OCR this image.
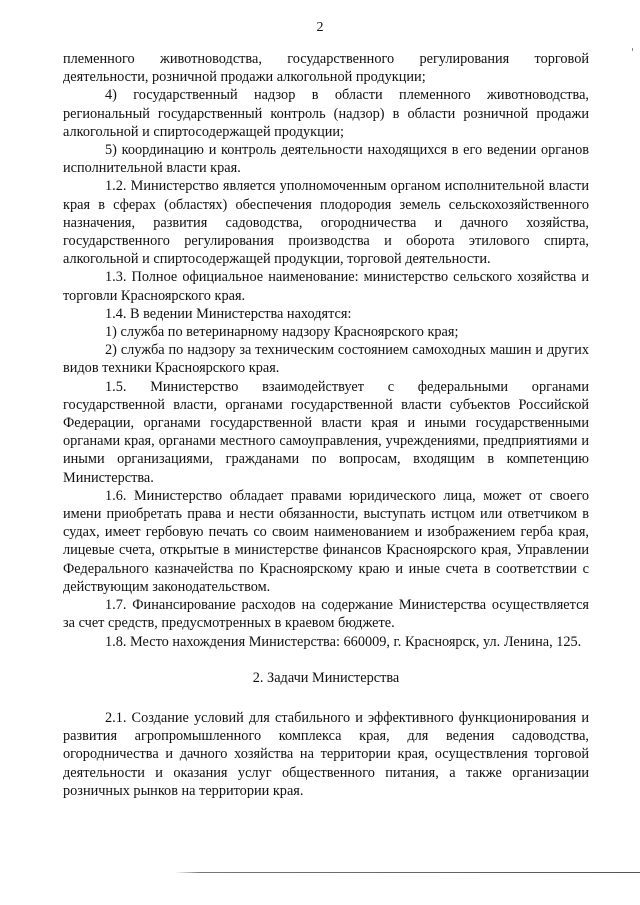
2

племенного животноводства, государственного регулирования торговой деятельности, розничной продажи алкогольной продукции;

4) государственный надзор в области племенного животноводства, региональный государственный контроль (надзор) в области розничной продажи алкогольной и спиртосодержащей продукции;

5) координацию и контроль деятельности находящихся в его ведении органов исполнительной власти края.

1.2. Министерство является уполномоченным органом исполнительной власти края в сферах (областях) обеспечения плодородия земель сельскохозяйственного назначения, развития садоводства, огородничества и дачного хозяйства, государственного регулирования производства и оборота этилового спирта, алкогольной и спиртосодержащей продукции, торговой деятельности.

1.3. Полное официальное наименование: министерство сельского хозяйства и торговли Красноярского края.

1.4. В ведении Министерства находятся:

1) служба по ветеринарному надзору Красноярского края;

2) служба по надзору за техническим состоянием самоходных машин и других видов техники Красноярского края.

1.5. Министерство взаимодействует с федеральными органами государственной власти, органами государственной власти субъектов Российской Федерации, органами государственной власти края и иными государственными органами края, органами местного самоуправления, учреждениями, предприятиями и иными организациями, гражданами по вопросам, входящим в компетенцию Министерства.

1.6. Министерство обладает правами юридического лица, может от своего имени приобретать права и нести обязанности, выступать истцом или ответчиком в судах, имеет гербовую печать со своим наименованием и изображением герба края, лицевые счета, открытые в министерстве финансов Красноярского края, Управлении Федерального казначейства по Красноярскому краю и иные счета в соответствии с действующим законодательством.

1.7. Финансирование расходов на содержание Министерства осуществляется за счет средств, предусмотренных в краевом бюджете.

1.8. Место нахождения Министерства: 660009, г. Красноярск, ул. Ленина, 125.

2. Задачи Министерства

2.1. Создание условий для стабильного и эффективного функционирования и развития агропромышленного комплекса края, для ведения садоводства, огородничества и дачного хозяйства на территории края, осуществления торговой деятельности и оказания услуг общественного питания, а также организации розничных рынков на территории края.
